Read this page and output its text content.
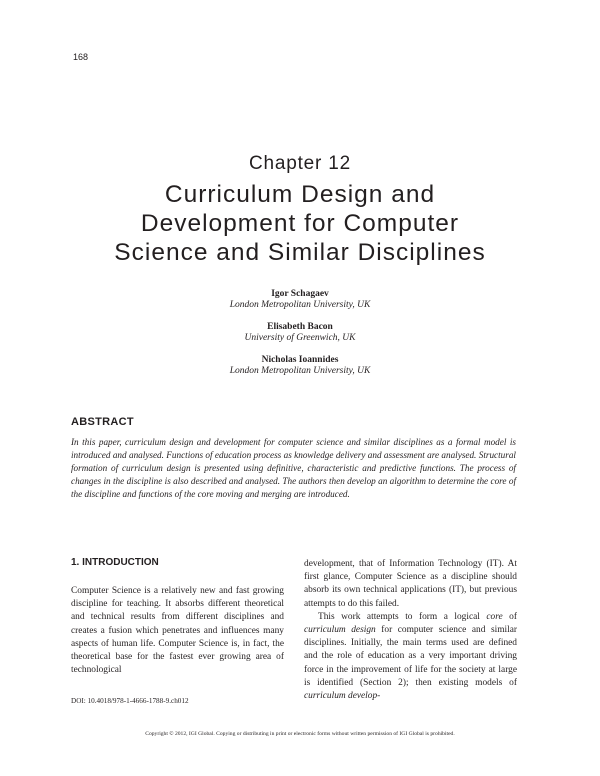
168
Chapter 12
Curriculum Design and
Development for Computer
Science and Similar Disciplines
Igor Schagaev
London Metropolitan University, UK
Elisabeth Bacon
University of Greenwich, UK
Nicholas Ioannides
London Metropolitan University, UK
ABSTRACT
In this paper, curriculum design and development for computer science and similar disciplines as a formal model is introduced and analysed. Functions of education process as knowledge delivery and assessment are analysed. Structural formation of curriculum design is presented using definitive, characteristic and predictive functions. The process of changes in the discipline is also described and analysed. The authors then develop an algorithm to determine the core of the discipline and functions of the core moving and merging are introduced.
1. INTRODUCTION

Computer Science is a relatively new and fast growing discipline for teaching. It absorbs different theoretical and technical results from different disciplines and creates a fusion which penetrates and influences many aspects of human life. Computer Science is, in fact, the theoretical base for the fastest ever growing area of technological

development, that of Information Technology (IT). At first glance, Computer Science as a discipline should absorb its own technical applications (IT), but previous attempts to do this failed.

This work attempts to form a logical core of curriculum design for computer science and similar disciplines. Initially, the main terms used are defined and the role of education as a very important driving force in the improvement of life for the society at large is identified (Section 2); then existing models of curriculum develop-

DOI: 10.4018/978-1-4666-1788-9.ch012
Copyright © 2012, IGI Global. Copying or distributing in print or electronic forms without written permission of IGI Global is prohibited.
